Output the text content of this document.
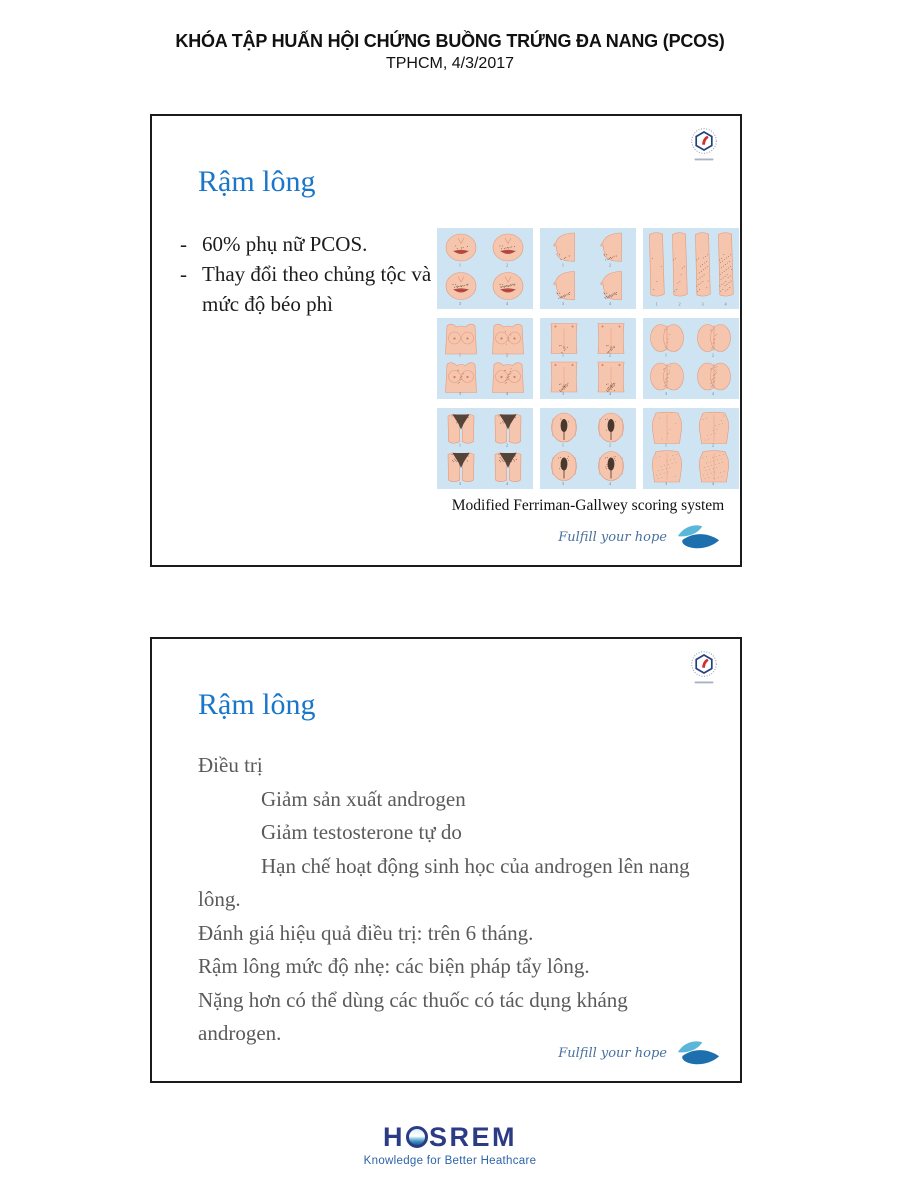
KHÓA TẬP HUẤN HỘI CHỨNG BUỒNG TRỨNG ĐA NANG (PCOS)
TPHCM, 4/3/2017
Rậm lông
- 60% phụ nữ PCOS.
- Thay đổi theo chủng tộc và mức độ béo phì
1	2
3	4
1	2
3	4	1	2	3	4
1	2
3	4
1	2
3	4
1	2
3	4
1	2
3	4
1	2
3	4
1	2
3	4
Modified Ferriman-Gallwey scoring system
Fulfill your hope
Rậm lông

Điều trị

Giảm sản xuất androgen

Giảm testosterone tự do

Hạn chế hoạt động sinh học của androgen lên nang lông.

Đánh giá hiệu quả điều trị: trên 6 tháng.

Rậm lông mức độ nhẹ: các biện pháp tẩy lông.

Nặng hơn có thể dùng các thuốc có tác dụng kháng androgen.

Fulfill your hope
H SREM
Knowledge for Better Heathcare
